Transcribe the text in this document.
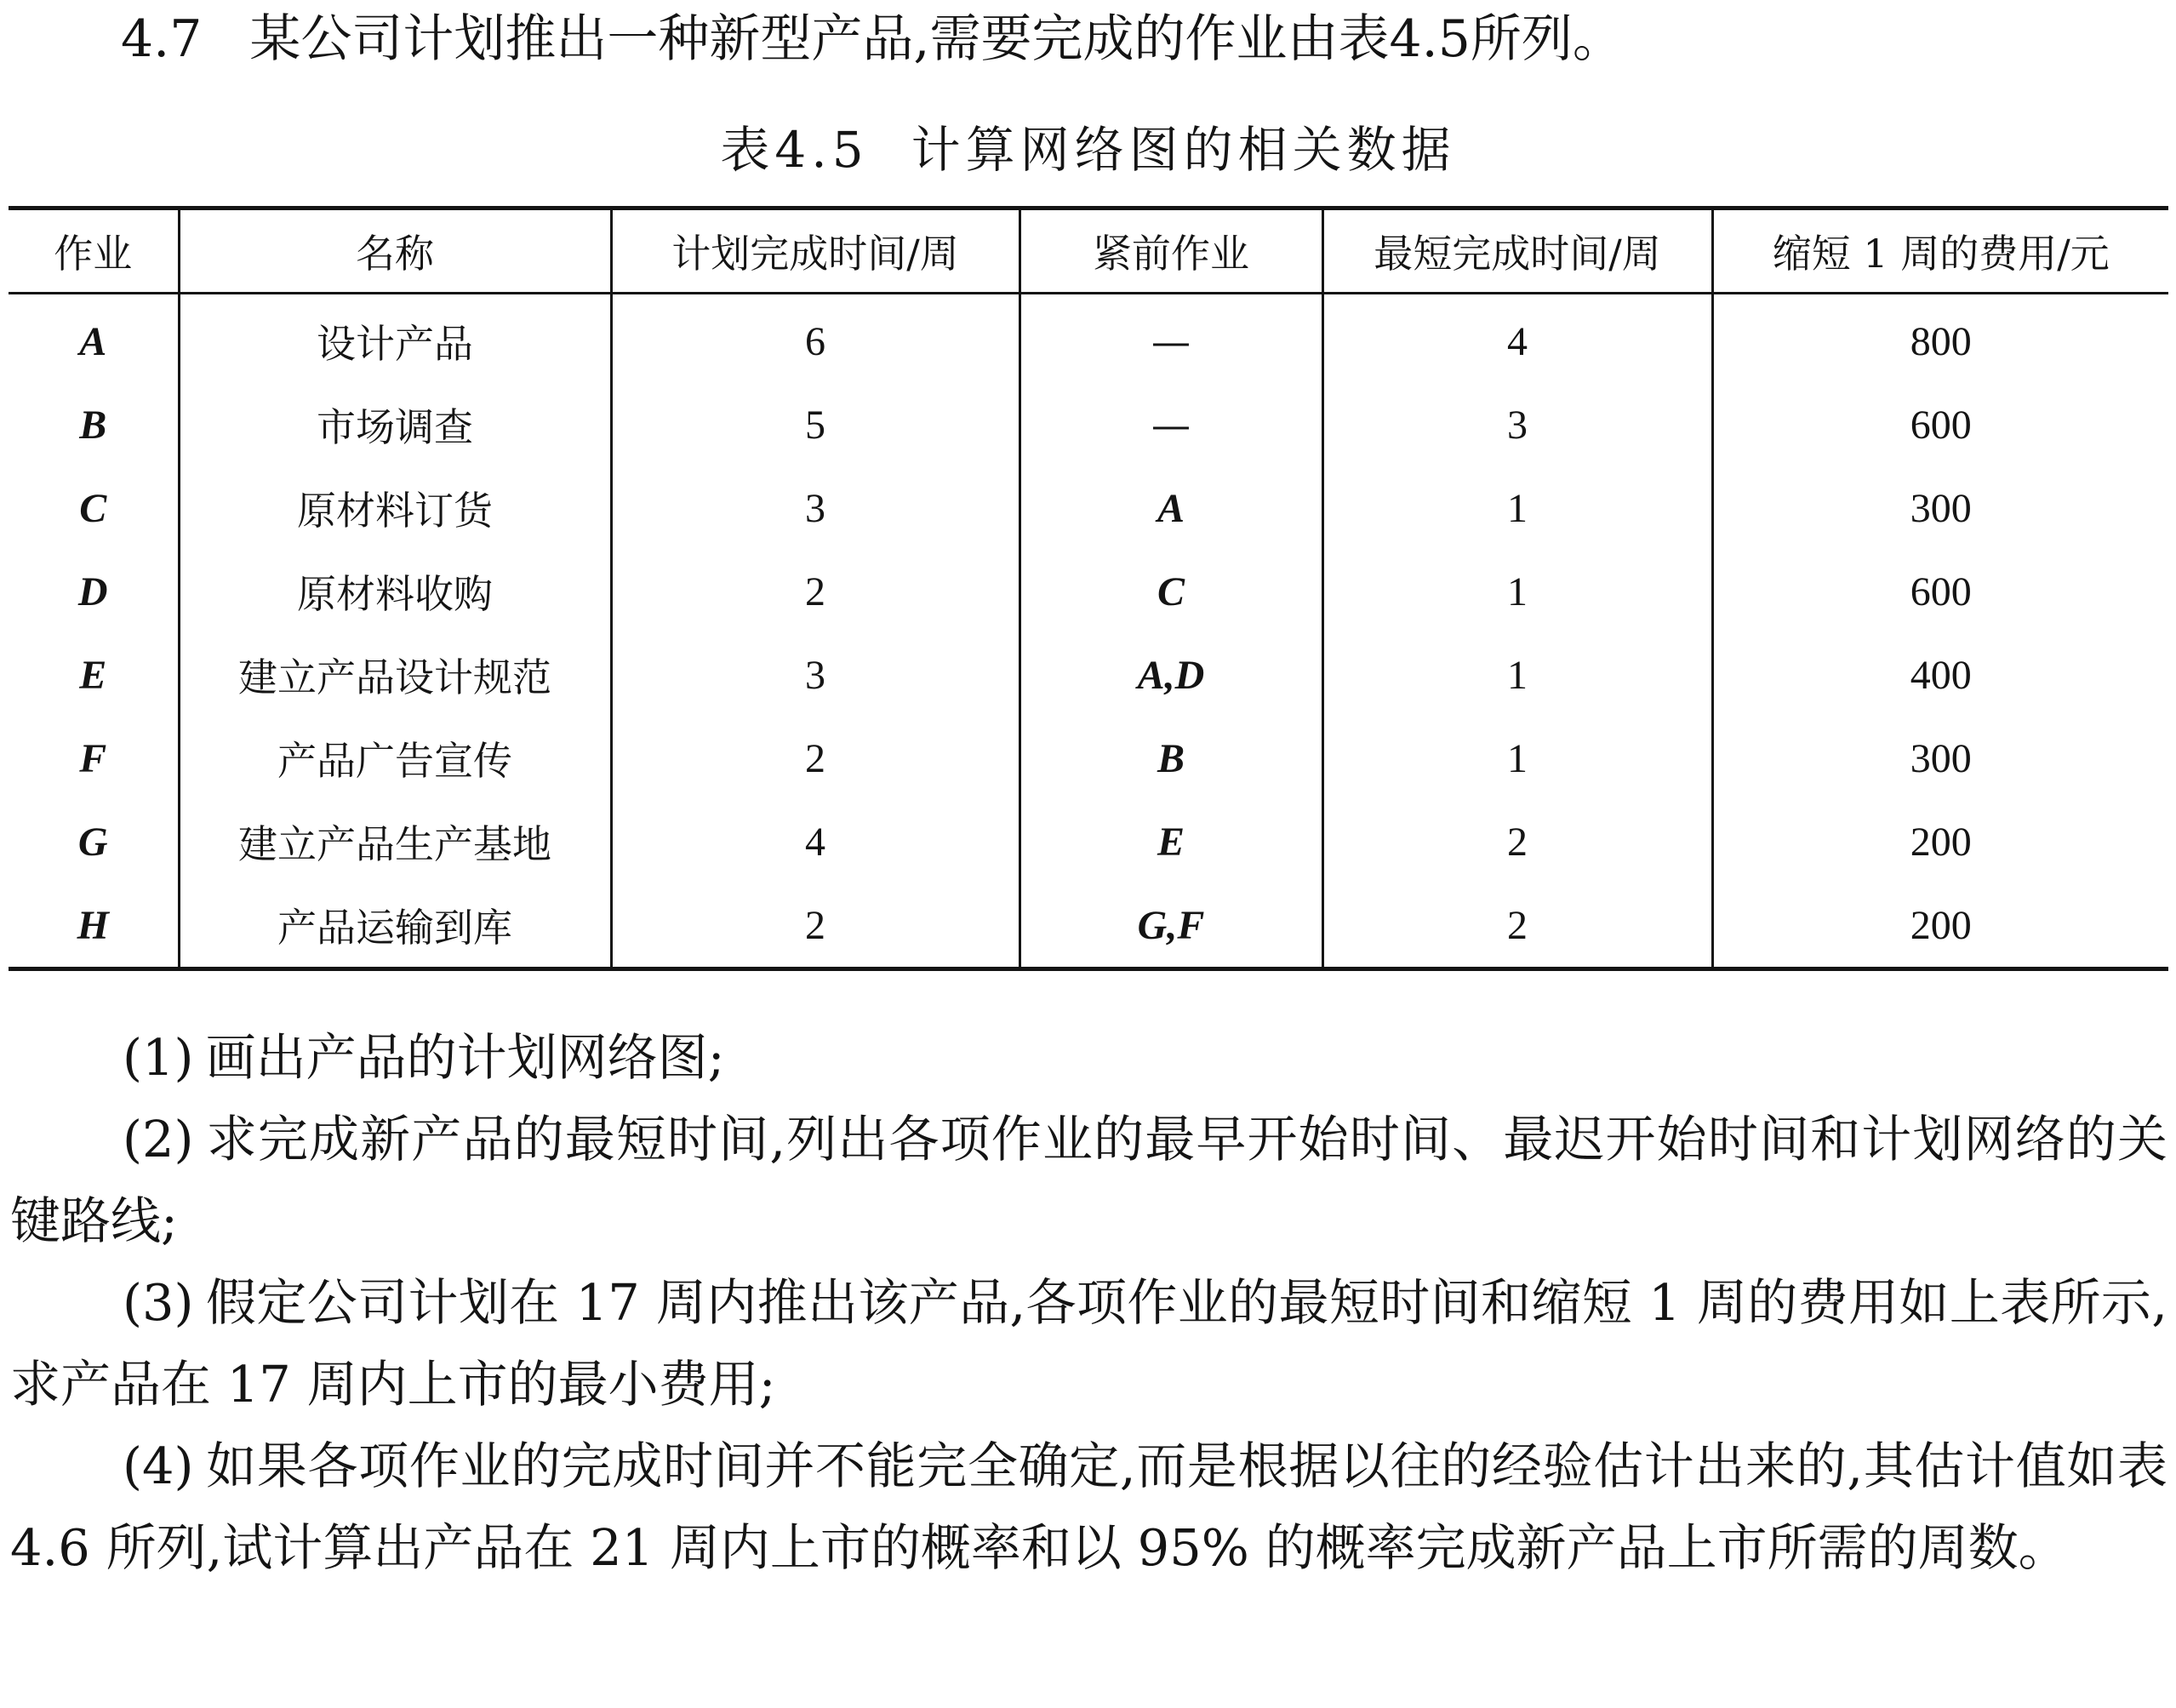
4.7 某公司计划推出一种新型产品,需要完成的作业由表4.5所列。
表4.5 计算网络图的相关数据
作业	名称	计划完成时间/周	紧前作业	最短完成时间/周	缩短 1 周的费用/元
A	设计产品	6	—	4	800
B	市场调查	5	—	3	600
C	原材料订货	3	A	1	300
D	原材料收购	2	C	1	600
E	建立产品设计规范	3	A,D	1	400
F	产品广告宣传	2	B	1	300
G	建立产品生产基地	4	E	2	200
H	产品运输到库	2	G,F	2	200

(1) 画出产品的计划网络图;

(2) 求完成新产品的最短时间,列出各项作业的最早开始时间、最迟开始时间和计划网络的关键路线;

(3) 假定公司计划在 17 周内推出该产品,各项作业的最短时间和缩短 1 周的费用如上表所示,求产品在 17 周内上市的最小费用;

(4) 如果各项作业的完成时间并不能完全确定,而是根据以往的经验估计出来的,其估计值如表 4.6 所列,试计算出产品在 21 周内上市的概率和以 95% 的概率完成新产品上市所需的周数。
